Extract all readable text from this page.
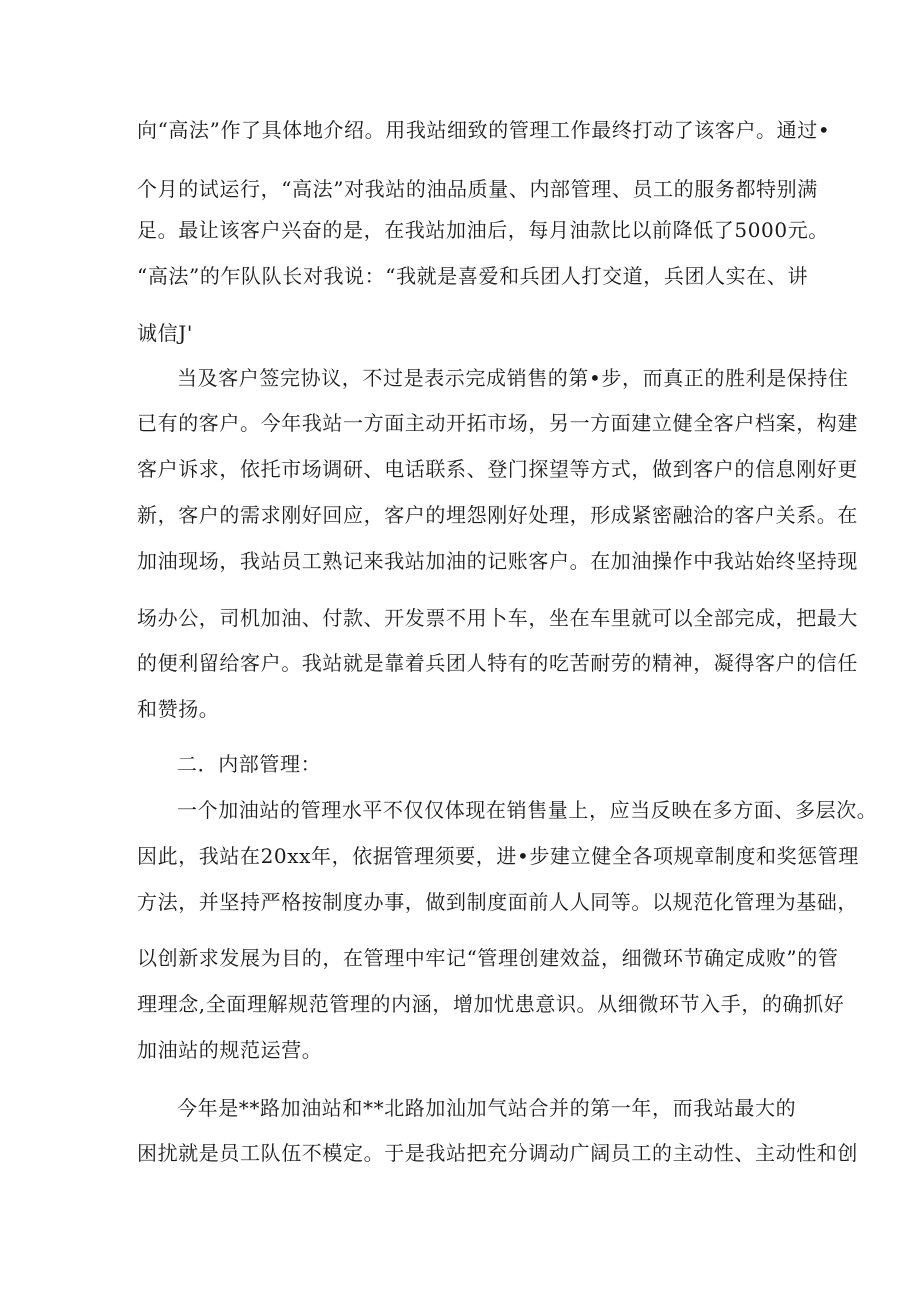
向“高法”作了具体地介绍。用我站细致的管理工作最终打动了该客户。通过•
个月的试运行，“高法”对我站的油品质量、内部管理、员工的服务都特别满
足。最让该客户兴奋的是，在我站加油后，每月油款比以前降低了5000元。
“高法”的乍队队长对我说：“我就是喜爱和兵团人打交道，兵团人实在、讲
诚信J'
当及客户签完协议，不过是表示完成销售的第•步，而真正的胜利是保持住
已有的客户。今年我站一方面主动开拓市场，另一方面建立健全客户档案，构建
客户诉求，依托市场调研、电话联系、登门探望等方式，做到客户的信息刚好更
新，客户的需求刚好回应，客户的埋怨刚好处理，形成紧密融洽的客户关系。在
加油现场，我站员工熟记来我站加油的记账客户。在加油操作中我站始终坚持现
场办公，司机加油、付款、开发票不用卜车，坐在车里就可以全部完成，把最大
的便利留给客户。我站就是靠着兵团人特有的吃苦耐劳的精神，凝得客户的信任
和赞扬。
二．内部管理：
一个加油站的管理水平不仅仅体现在销售量上，应当反映在多方面、多层次。
因此，我站在20xx年，依据管理须要，进•步建立健全各项规章制度和奖惩管理
方法，并坚持严格按制度办事，做到制度面前人人同等。以规范化管理为基础，
以创新求发展为目的，在管理中牢记“管理创建效益，细微环节确定成败”的管
理理念,全面理解规范管理的内涵，增加忧患意识。从细微环节入手，的确抓好
加油站的规范运营。
今年是**路加油站和**北路加汕加气站合并的第一年，而我站最大的
困扰就是员工队伍不模定。于是我站把充分调动广阔员工的主动性、主动性和创
